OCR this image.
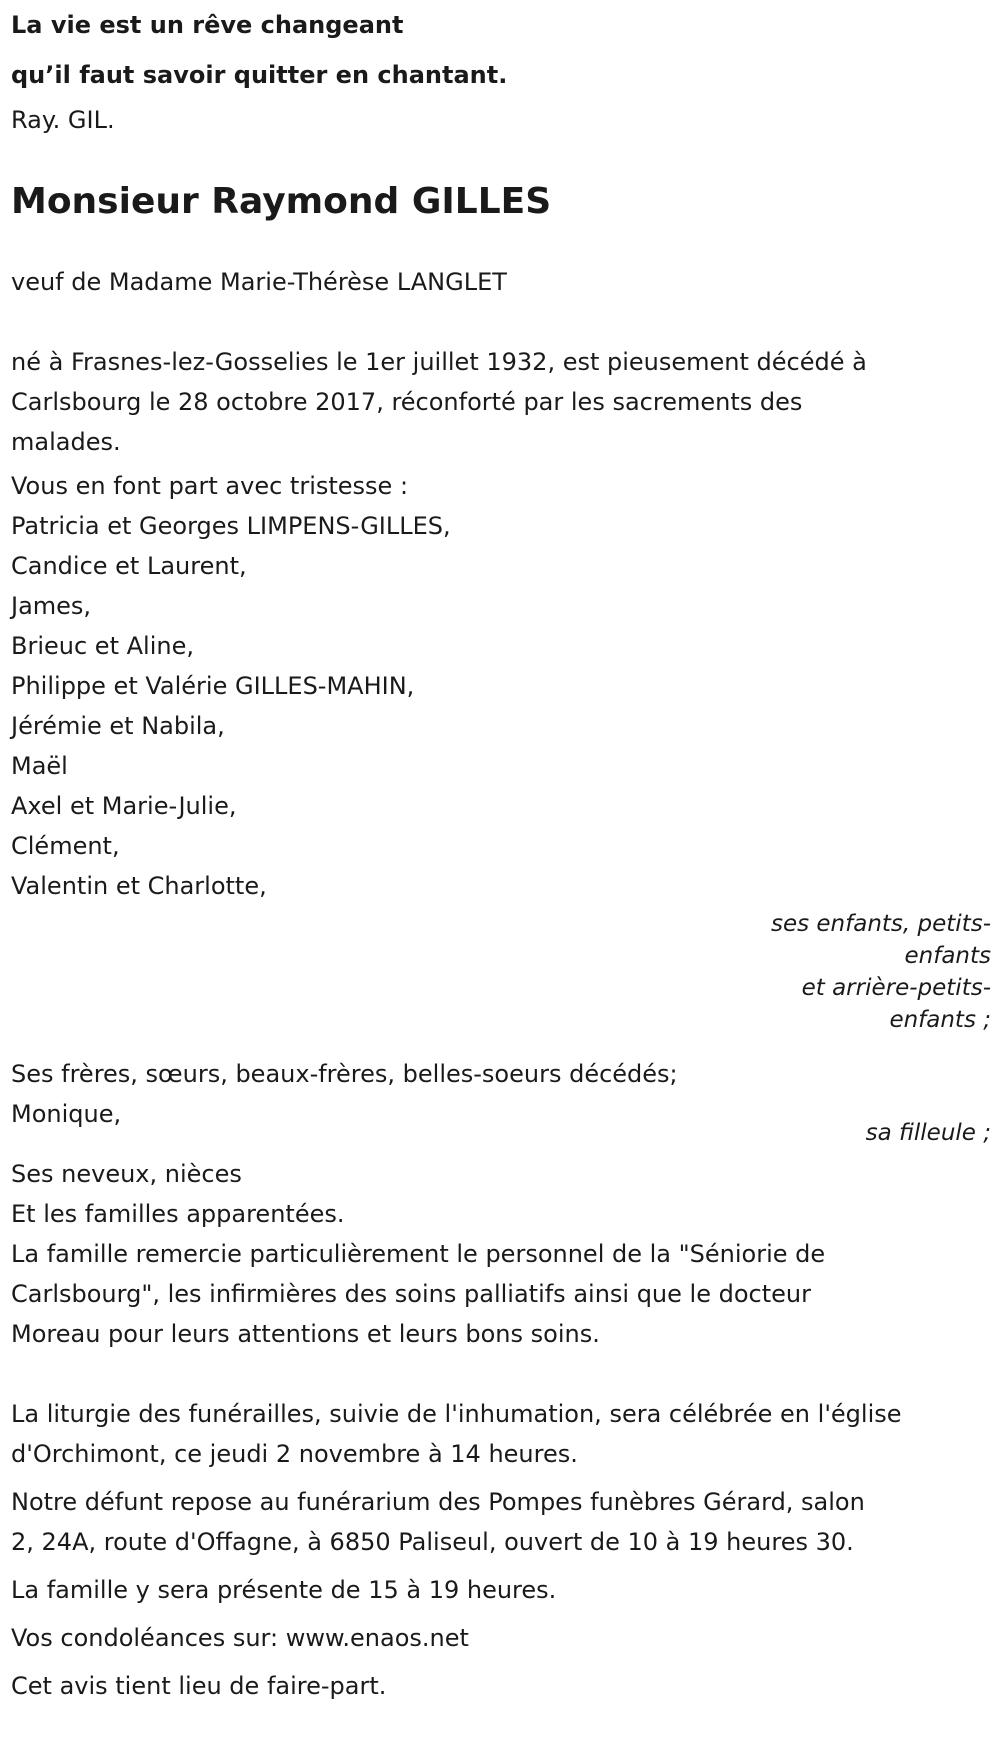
La vie est un rêve changeant
qu’il faut savoir quitter en chantant.
Ray. GIL.
Monsieur Raymond GILLES
veuf de Madame Marie-Thérèse LANGLET
né à Frasnes-lez-Gosselies le 1er juillet 1932, est pieusement décédé à
Carlsbourg le 28 octobre 2017, réconforté par les sacrements des
malades.
Vous en font part avec tristesse :
Patricia et Georges LIMPENS-GILLES,
Candice et Laurent,
James,
Brieuc et Aline,
Philippe et Valérie GILLES-MAHIN,
Jérémie et Nabila,
Maël
Axel et Marie-Julie,
Clément,
Valentin et Charlotte,
ses enfants, petits-
enfants
et arrière-petits-
enfants ;
Ses frères, sœurs, beaux-frères, belles-soeurs décédés;
Monique,
sa filleule ;
Ses neveux, nièces
Et les familles apparentées.
La famille remercie particulièrement le personnel de la "Séniorie de
Carlsbourg", les infirmières des soins palliatifs ainsi que le docteur
Moreau pour leurs attentions et leurs bons soins.
La liturgie des funérailles, suivie de l'inhumation, sera célébrée en l'église
d'Orchimont, ce jeudi 2 novembre à 14 heures.
Notre défunt repose au funérarium des Pompes funèbres Gérard, salon
2, 24A, route d'Offagne, à 6850 Paliseul, ouvert de 10 à 19 heures 30.
La famille y sera présente de 15 à 19 heures.
Vos condoléances sur: www.enaos.net
Cet avis tient lieu de faire-part.
